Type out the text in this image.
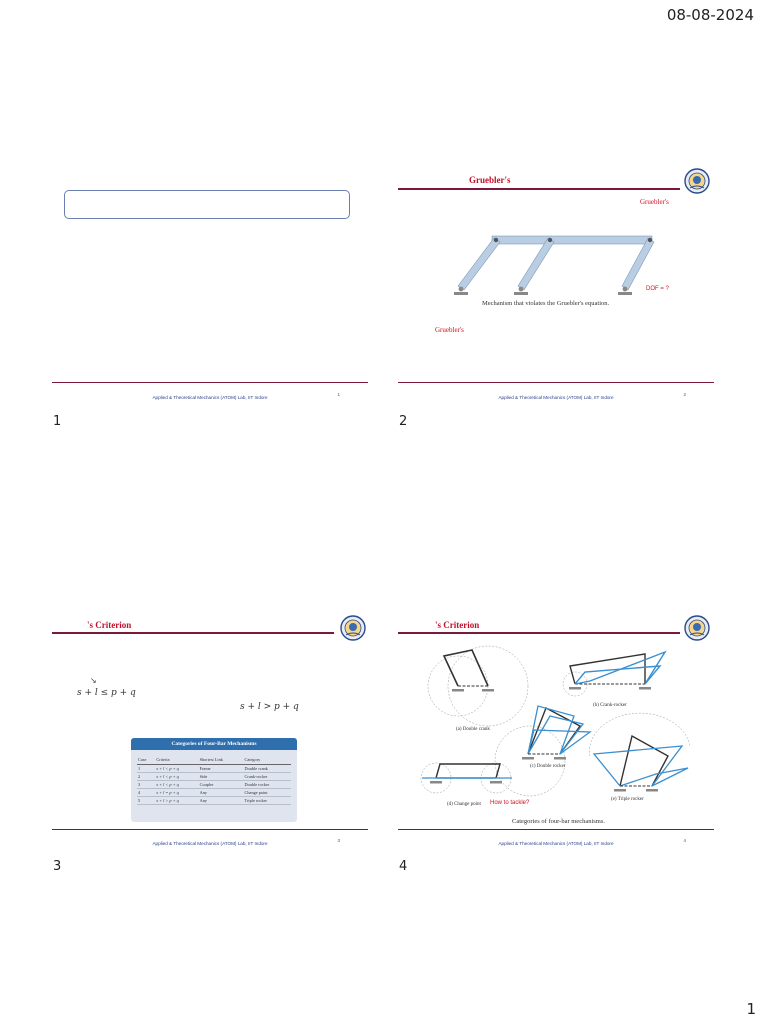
08-08-2024
1
Applied & Theoretical Mechanics (ATOM) Lab, IIT Indore
1
1
Gruebler's
Gruebler's
DOF = ?
Mechanism that violates the Gruebler's equation.
Gruebler's
Applied & Theoretical Mechanics (ATOM) Lab, IIT Indore
2
2
's Criterion
↘
s + l ≤ p + q
s + l > p + q
Categories of Four-Bar Mechanisms
Case	Criteria	Shortest Link	Category
1	s + l < p + q	Frame	Double crank
2	s + l < p + q	Side	Crank-rocker
3	s + l < p + q	Coupler	Double rocker
4	s + l = p + q	Any	Change point
5	s + l > p + q	Any	Triple rocker
Applied & Theoretical Mechanics (ATOM) Lab, IIT Indore
3
3
's Criterion
(a) Double crank
(b) Crank-rocker
(c) Double rocker
(d) Change point How to tackle?
(e) Triple rocker
Categories of four-bar mechanisms.
Applied & Theoretical Mechanics (ATOM) Lab, IIT Indore
4
4
